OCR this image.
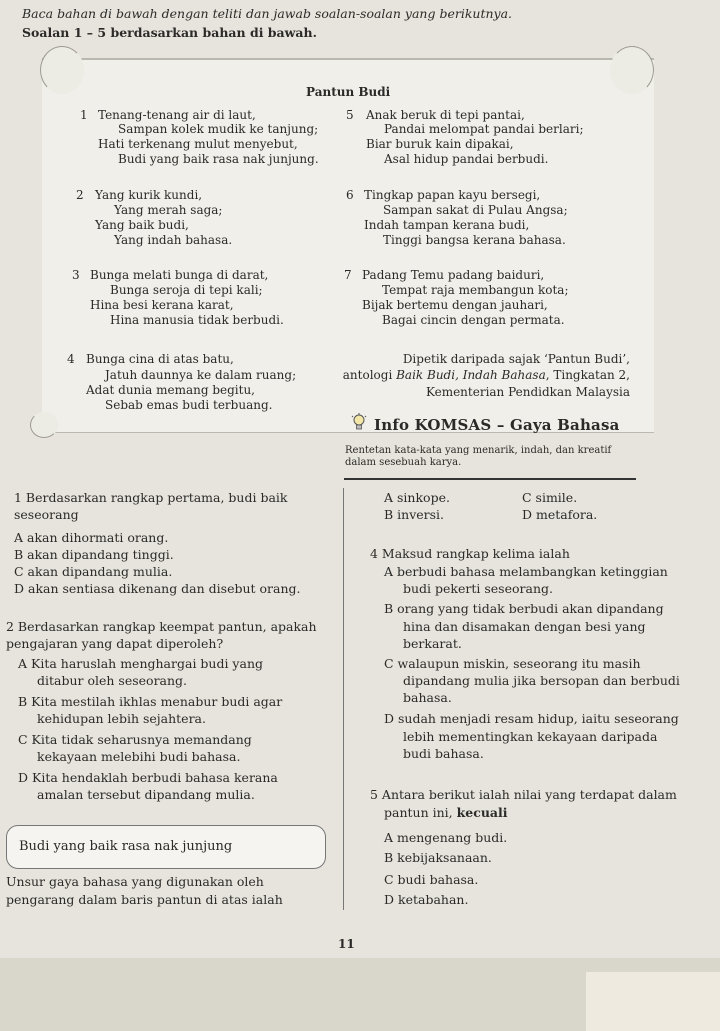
Baca bahan di bawah dengan teliti dan jawab soalan-soalan yang berikutnya.
Soalan 1 – 5 berdasarkan bahan di bawah.
Pantun Budi
1 Tenang-tenang air di laut,
Sampan kolek mudik ke tanjung;
Hati terkenang mulut menyebut,
Budi yang baik rasa nak junjung.
2 Yang kurik kundi,
Yang merah saga;
Yang baik budi,
Yang indah bahasa.
3 Bunga melati bunga di darat,
Bunga seroja di tepi kali;
Hina besi kerana karat,
Hina manusia tidak berbudi.
4 Bunga cina di atas batu,
Jatuh daunnya ke dalam ruang;
Adat dunia memang begitu,
Sebab emas budi terbuang.
5 Anak beruk di tepi pantai,
Pandai melompat pandai berlari;
Biar buruk kain dipakai,
Asal hidup pandai berbudi.
6 Tingkap papan kayu bersegi,
Sampan sakat di Pulau Angsa;
Indah tampan kerana budi,
Tinggi bangsa kerana bahasa.
7 Padang Temu padang baiduri,
Tempat raja membangun kota;
Bijak bertemu dengan jauhari,
Bagai cincin dengan permata.
Dipetik daripada sajak ‘Pantun Budi’,
antologi Baik Budi, Indah Bahasa, Tingkatan 2,
Kementerian Pendidkan Malaysia
Info KOMSAS – Gaya Bahasa
Rentetan kata-kata yang menarik, indah, dan kreatif dalam sesebuah karya.
1 Berdasarkan rangkap pertama, budi baik
seseorang
A akan dihormati orang.
B akan dipandang tinggi.
C akan dipandang mulia.
D akan sentiasa dikenang dan disebut orang.
2 Berdasarkan rangkap keempat pantun, apakah
pengajaran yang dapat diperoleh?
A Kita haruslah menghargai budi yang
ditabur oleh seseorang.
B Kita mestilah ikhlas menabur budi agar
kehidupan lebih sejahtera.
C Kita tidak seharusnya memandang
kekayaan melebihi budi bahasa.
D Kita hendaklah berbudi bahasa kerana
amalan tersebut dipandang mulia.
Budi yang baik rasa nak junjung
Unsur gaya bahasa yang digunakan oleh
pengarang dalam baris pantun di atas ialah
A sinkope.
B inversi.
C simile.
D metafora.
4 Maksud rangkap kelima ialah
A berbudi bahasa melambangkan ketinggian
budi pekerti seseorang.
B orang yang tidak berbudi akan dipandang
hina dan disamakan dengan besi yang
berkarat.
C walaupun miskin, seseorang itu masih
dipandang mulia jika bersopan dan berbudi
bahasa.
D sudah menjadi resam hidup, iaitu seseorang
lebih mementingkan kekayaan daripada
budi bahasa.
5 Antara berikut ialah nilai yang terdapat dalam
pantun ini, kecuali
A mengenang budi.
B kebijaksanaan.
C budi bahasa.
D ketabahan.
11
